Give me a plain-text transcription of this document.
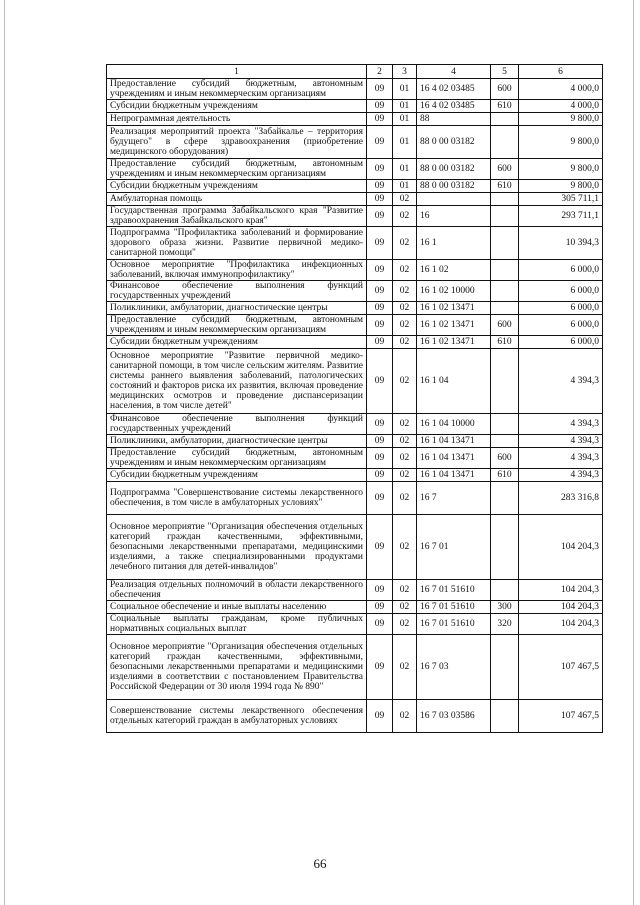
1	2	3	4	5	6
Предоставление субсидий бюджетным, автономным учреждениям и иным некоммерческим организациям	09	01	16 4 02 03485	600	4 000,0
Субсидии бюджетным учреждениям	09	01	16 4 02 03485	610	4 000,0
Непрограммная деятельность	09	01	88		9 800,0
Реализация мероприятий проекта "Забайкалье – территория будущего" в сфере здравоохранения (приобретение медицинского оборудования)	09	01	88 0 00 03182		9 800,0
Предоставление субсидий бюджетным, автономным учреждениям и иным некоммерческим организациям	09	01	88 0 00 03182	600	9 800,0
Субсидии бюджетным учреждениям	09	01	88 0 00 03182	610	9 800,0
Амбулаторная помощь	09	02			305 711,1
Государственная программа Забайкальского края "Развитие здравоохранения Забайкальского края"	09	02	16		293 711,1
Подпрограмма "Профилактика заболеваний и формирование здорового образа жизни. Развитие первичной медико-санитарной помощи"	09	02	16 1		10 394,3
Основное мероприятие "Профилактика инфекционных заболеваний, включая иммунопрофилактику"	09	02	16 1 02		6 000,0
Финансовое обеспечение выполнения функций государственных учреждений	09	02	16 1 02 10000		6 000,0
Поликлиники, амбулатории, диагностические центры	09	02	16 1 02 13471		6 000,0
Предоставление субсидий бюджетным, автономным учреждениям и иным некоммерческим организациям	09	02	16 1 02 13471	600	6 000,0
Субсидии бюджетным учреждениям	09	02	16 1 02 13471	610	6 000,0
Основное мероприятие "Развитие первичной медико-санитарной помощи, в том числе сельским жителям. Развитие системы раннего выявления заболеваний, патологических состояний и факторов риска их развития, включая проведение медицинских осмотров и проведение диспансеризации населения, в том числе детей"	09	02	16 1 04		4 394,3
Финансовое обеспечение выполнения функций государственных учреждений	09	02	16 1 04 10000		4 394,3
Поликлиники, амбулатории, диагностические центры	09	02	16 1 04 13471		4 394,3
Предоставление субсидий бюджетным, автономным учреждениям и иным некоммерческим организациям	09	02	16 1 04 13471	600	4 394,3
Субсидии бюджетным учреждениям	09	02	16 1 04 13471	610	4 394,3
Подпрограмма "Совершенствование системы лекарственного обеспечения, в том числе в амбулаторных условиях"	09	02	16 7		283 316,8
Основное мероприятие "Организация обеспечения отдельных категорий граждан качественными, эффективными, безопасными лекарственными препаратами, медицинскими изделиями, а также специализированными продуктами лечебного питания для детей-инвалидов"	09	02	16 7 01		104 204,3
Реализация отдельных полномочий в области лекарственного обеспечения	09	02	16 7 01 51610		104 204,3
Социальное обеспечение и иные выплаты населению	09	02	16 7 01 51610	300	104 204,3
Социальные выплаты гражданам, кроме публичных нормативных социальных выплат	09	02	16 7 01 51610	320	104 204,3
Основное мероприятие "Организация обеспечения отдельных категорий граждан качественными, эффективными, безопасными лекарственными препаратами и медицинскими изделиями в соответствии с постановлением Правительства Российской Федерации от 30 июля 1994 года № 890"	09	02	16 7 03		107 467,5
Совершенствование системы лекарственного обеспечения отдельных категорий граждан в амбулаторных условиях	09	02	16 7 03 03586		107 467,5
66
